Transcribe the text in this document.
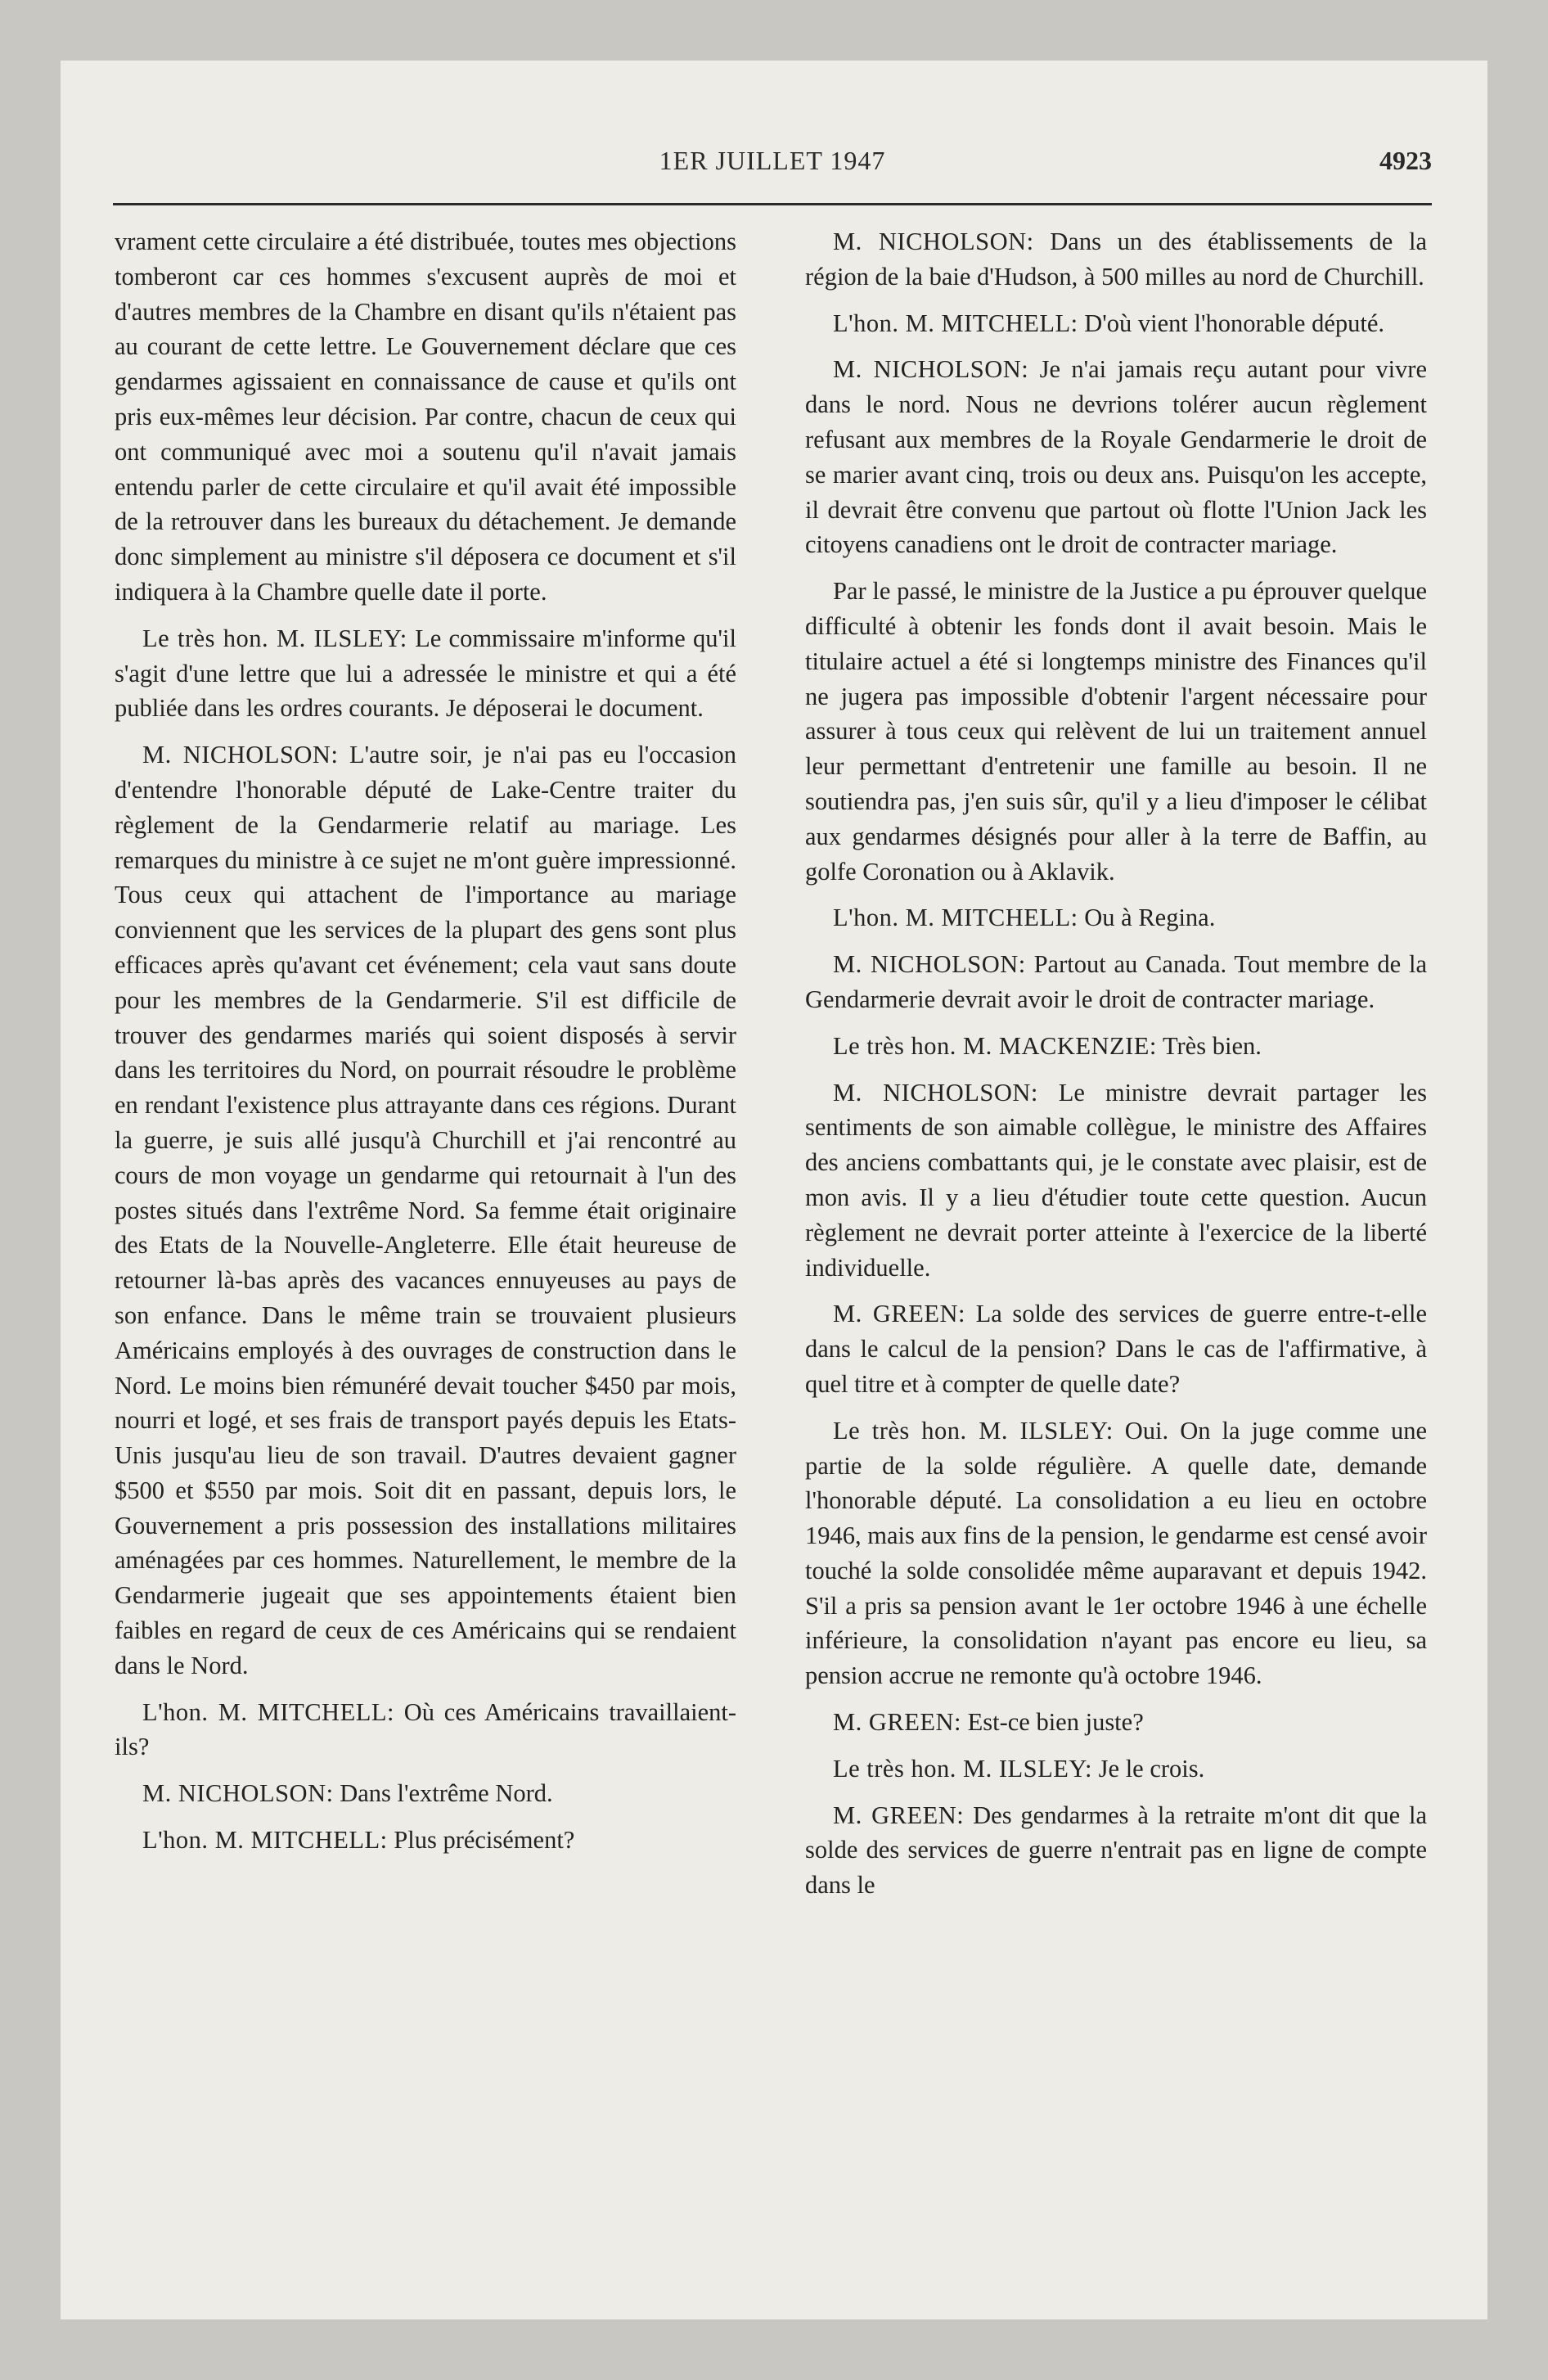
1ER JUILLET 1947	4923

vrament cette circulaire a été distribuée, toutes mes objections tomberont car ces hommes s'excusent auprès de moi et d'autres membres de la Chambre en disant qu'ils n'étaient pas au courant de cette lettre. Le Gouvernement déclare que ces gendarmes agissaient en connaissance de cause et qu'ils ont pris eux-mêmes leur décision. Par contre, chacun de ceux qui ont communiqué avec moi a soutenu qu'il n'avait jamais entendu parler de cette circulaire et qu'il avait été impossible de la retrouver dans les bureaux du détachement. Je demande donc simplement au ministre s'il déposera ce document et s'il indiquera à la Chambre quelle date il porte.

Le très hon. M. ILSLEY: Le commissaire m'informe qu'il s'agit d'une lettre que lui a adressée le ministre et qui a été publiée dans les ordres courants. Je déposerai le document.

M. NICHOLSON: L'autre soir, je n'ai pas eu l'occasion d'entendre l'honorable député de Lake-Centre traiter du règlement de la Gendarmerie relatif au mariage. Les remarques du ministre à ce sujet ne m'ont guère impressionné. Tous ceux qui attachent de l'importance au mariage conviennent que les services de la plupart des gens sont plus efficaces après qu'avant cet événement; cela vaut sans doute pour les membres de la Gendarmerie. S'il est difficile de trouver des gendarmes mariés qui soient disposés à servir dans les territoires du Nord, on pourrait résoudre le problème en rendant l'existence plus attrayante dans ces régions. Durant la guerre, je suis allé jusqu'à Churchill et j'ai rencontré au cours de mon voyage un gendarme qui retournait à l'un des postes situés dans l'extrême Nord. Sa femme était originaire des Etats de la Nouvelle-Angleterre. Elle était heureuse de retourner là-bas après des vacances ennuyeuses au pays de son enfance. Dans le même train se trouvaient plusieurs Américains employés à des ouvrages de construction dans le Nord. Le moins bien rémunéré devait toucher $450 par mois, nourri et logé, et ses frais de transport payés depuis les Etats-Unis jusqu'au lieu de son travail. D'autres devaient gagner $500 et $550 par mois. Soit dit en passant, depuis lors, le Gouvernement a pris possession des installations militaires aménagées par ces hommes. Naturellement, le membre de la Gendarmerie jugeait que ses appointements étaient bien faibles en regard de ceux de ces Américains qui se rendaient dans le Nord.

L'hon. M. MITCHELL: Où ces Américains travaillaient-ils?

M. NICHOLSON: Dans l'extrême Nord.

L'hon. M. MITCHELL: Plus précisément?

M. NICHOLSON: Dans un des établissements de la région de la baie d'Hudson, à 500 milles au nord de Churchill.

L'hon. M. MITCHELL: D'où vient l'honorable député.

M. NICHOLSON: Je n'ai jamais reçu autant pour vivre dans le nord. Nous ne devrions tolérer aucun règlement refusant aux membres de la Royale Gendarmerie le droit de se marier avant cinq, trois ou deux ans. Puisqu'on les accepte, il devrait être convenu que partout où flotte l'Union Jack les citoyens canadiens ont le droit de contracter mariage.

Par le passé, le ministre de la Justice a pu éprouver quelque difficulté à obtenir les fonds dont il avait besoin. Mais le titulaire actuel a été si longtemps ministre des Finances qu'il ne jugera pas impossible d'obtenir l'argent nécessaire pour assurer à tous ceux qui relèvent de lui un traitement annuel leur permettant d'entretenir une famille au besoin. Il ne soutiendra pas, j'en suis sûr, qu'il y a lieu d'imposer le célibat aux gendarmes désignés pour aller à la terre de Baffin, au golfe Coronation ou à Aklavik.

L'hon. M. MITCHELL: Ou à Regina.

M. NICHOLSON: Partout au Canada. Tout membre de la Gendarmerie devrait avoir le droit de contracter mariage.

Le très hon. M. MACKENZIE: Très bien.

M. NICHOLSON: Le ministre devrait partager les sentiments de son aimable collègue, le ministre des Affaires des anciens combattants qui, je le constate avec plaisir, est de mon avis. Il y a lieu d'étudier toute cette question. Aucun règlement ne devrait porter atteinte à l'exercice de la liberté individuelle.

M. GREEN: La solde des services de guerre entre-t-elle dans le calcul de la pension? Dans le cas de l'affirmative, à quel titre et à compter de quelle date?

Le très hon. M. ILSLEY: Oui. On la juge comme une partie de la solde régulière. A quelle date, demande l'honorable député. La consolidation a eu lieu en octobre 1946, mais aux fins de la pension, le gendarme est censé avoir touché la solde consolidée même auparavant et depuis 1942. S'il a pris sa pension avant le 1er octobre 1946 à une échelle inférieure, la consolidation n'ayant pas encore eu lieu, sa pension accrue ne remonte qu'à octobre 1946.

M. GREEN: Est-ce bien juste?

Le très hon. M. ILSLEY: Je le crois.

M. GREEN: Des gendarmes à la retraite m'ont dit que la solde des services de guerre n'entrait pas en ligne de compte dans le
